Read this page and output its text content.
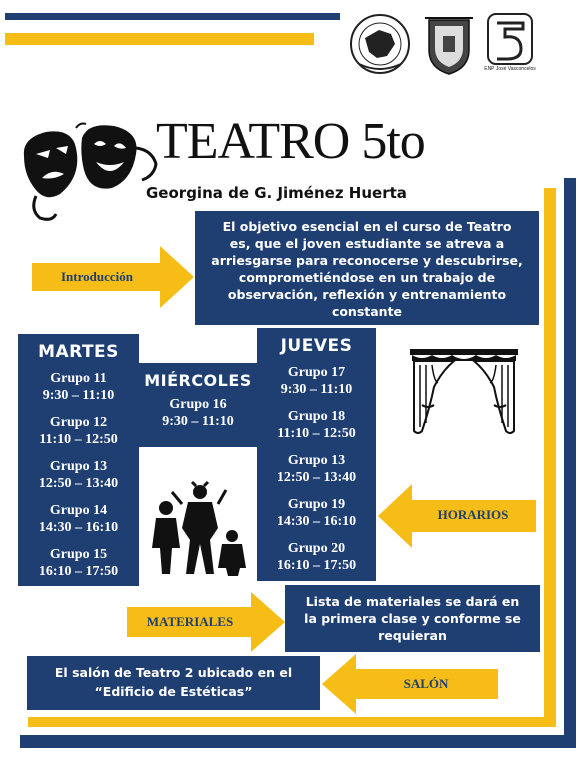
ENP José Vasconcelos
TEATRO 5to
Georgina de G. Jiménez Huerta
Introducción
El objetivo esencial en el curso de Teatro es, que el joven estudiante se atreva a arriesgarse para reconocerse y descubrirse, comprometiéndose en un trabajo de observación, reflexión y entrenamiento constante
MARTES
Grupo 11
9:30 – 11:10
Grupo 12
11:10 – 12:50
Grupo 13
12:50 – 13:40
Grupo 14
14:30 – 16:10
Grupo 15
16:10 – 17:50
MIÉRCOLES
Grupo 16
9:30 – 11:10
JUEVES
Grupo 17
9:30 – 11:10
Grupo 18
11:10 – 12:50
Grupo 13
12:50 – 13:40
Grupo 19
14:30 – 16:10
Grupo 20
16:10 – 17:50
HORARIOS
MATERIALES
Lista de materiales se dará en la primera clase y conforme se requieran
El salón de Teatro 2 ubicado en el “Edificio de Estéticas”
SALÓN
